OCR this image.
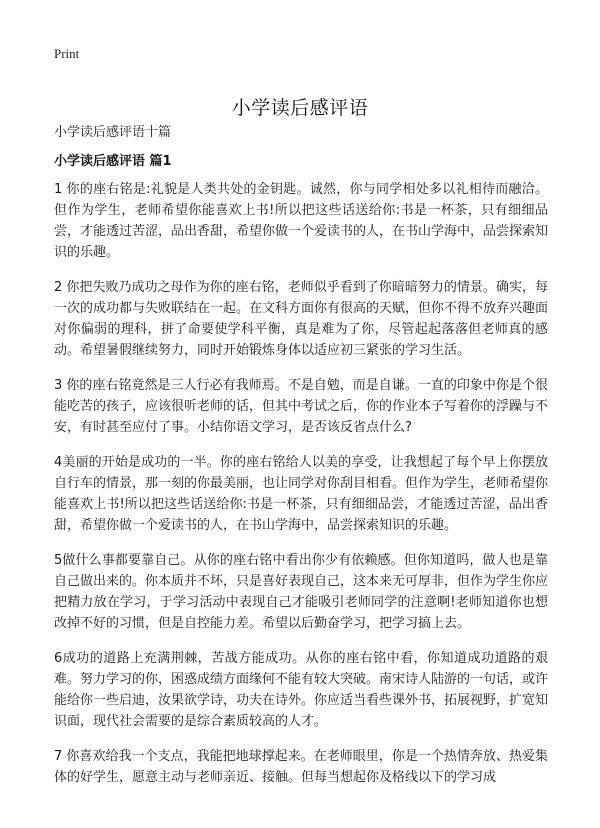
Print
小学读后感评语
小学读后感评语十篇
小学读后感评语 篇1

1 你的座右铭是:礼貌是人类共处的金钥匙。诚然，你与同学相处多以礼相待而融洽。但作为学生，老师希望你能喜欢上书!所以把这些话送给你:书是一杯茶，只有细细品尝，才能透过苦涩，品出香甜，希望你做一个爱读书的人，在书山学海中，品尝探索知识的乐趣。

2 你把失败乃成功之母作为你的座右铭，老师似乎看到了你暗暗努力的情景。确实，每一次的成功都与失败联结在一起。在文科方面你有很高的天赋，但你不得不放弃兴趣面对你偏弱的理科，拼了命要使学科平衡，真是难为了你，尽管起起落落但老师真的感动。希望暑假继续努力，同时开始锻炼身体以适应初三紧张的学习生活。

3 你的座右铭竟然是三人行必有我师焉。不是自勉，而是自谦。一直的印象中你是个很能吃苦的孩子，应该很听老师的话，但其中考试之后，你的作业本子写着你的浮躁与不安，有时甚至应付了事。小结你语文学习，是否该反省点什么?

4美丽的开始是成功的一半。你的座右铭给人以美的享受，让我想起了每个早上你摆放自行车的情景，那一刻的你最美丽，也让同学对你刮目相看。但作为学生，老师希望你能喜欢上书!所以把这些话送给你:书是一杯茶，只有细细品尝，才能透过苦涩，品出香甜，希望你做一个爱读书的人，在书山学海中，品尝探索知识的乐趣。

5做什么事都要靠自己。从你的座右铭中看出你少有依赖感。但你知道吗，做人也是靠自己做出来的。你本质并不坏，只是喜好表现自己，这本来无可厚非，但作为学生你应把精力放在学习，于学习活动中表现自己才能吸引老师同学的注意啊!老师知道你也想改掉不好的习惯，但是自控能力差。希望以后勤奋学习，把学习搞上去。

6成功的道路上充满荆棘，苦战方能成功。从你的座右铭中看，你知道成功道路的艰难。努力学习的你，困惑成绩方面缘何不能有较大突破。南宋诗人陆游的一句话，或许能给你一些启迪，汝果欲学诗，功夫在诗外。你应适当看些课外书，拓展视野，扩宽知识面，现代社会需要的是综合素质较高的人才。

7 你喜欢给我一个支点，我能把地球撑起来。在老师眼里，你是一个热情奔放、热爱集体的好学生，愿意主动与老师亲近、接触。但每当想起你及格线以下的学习成
